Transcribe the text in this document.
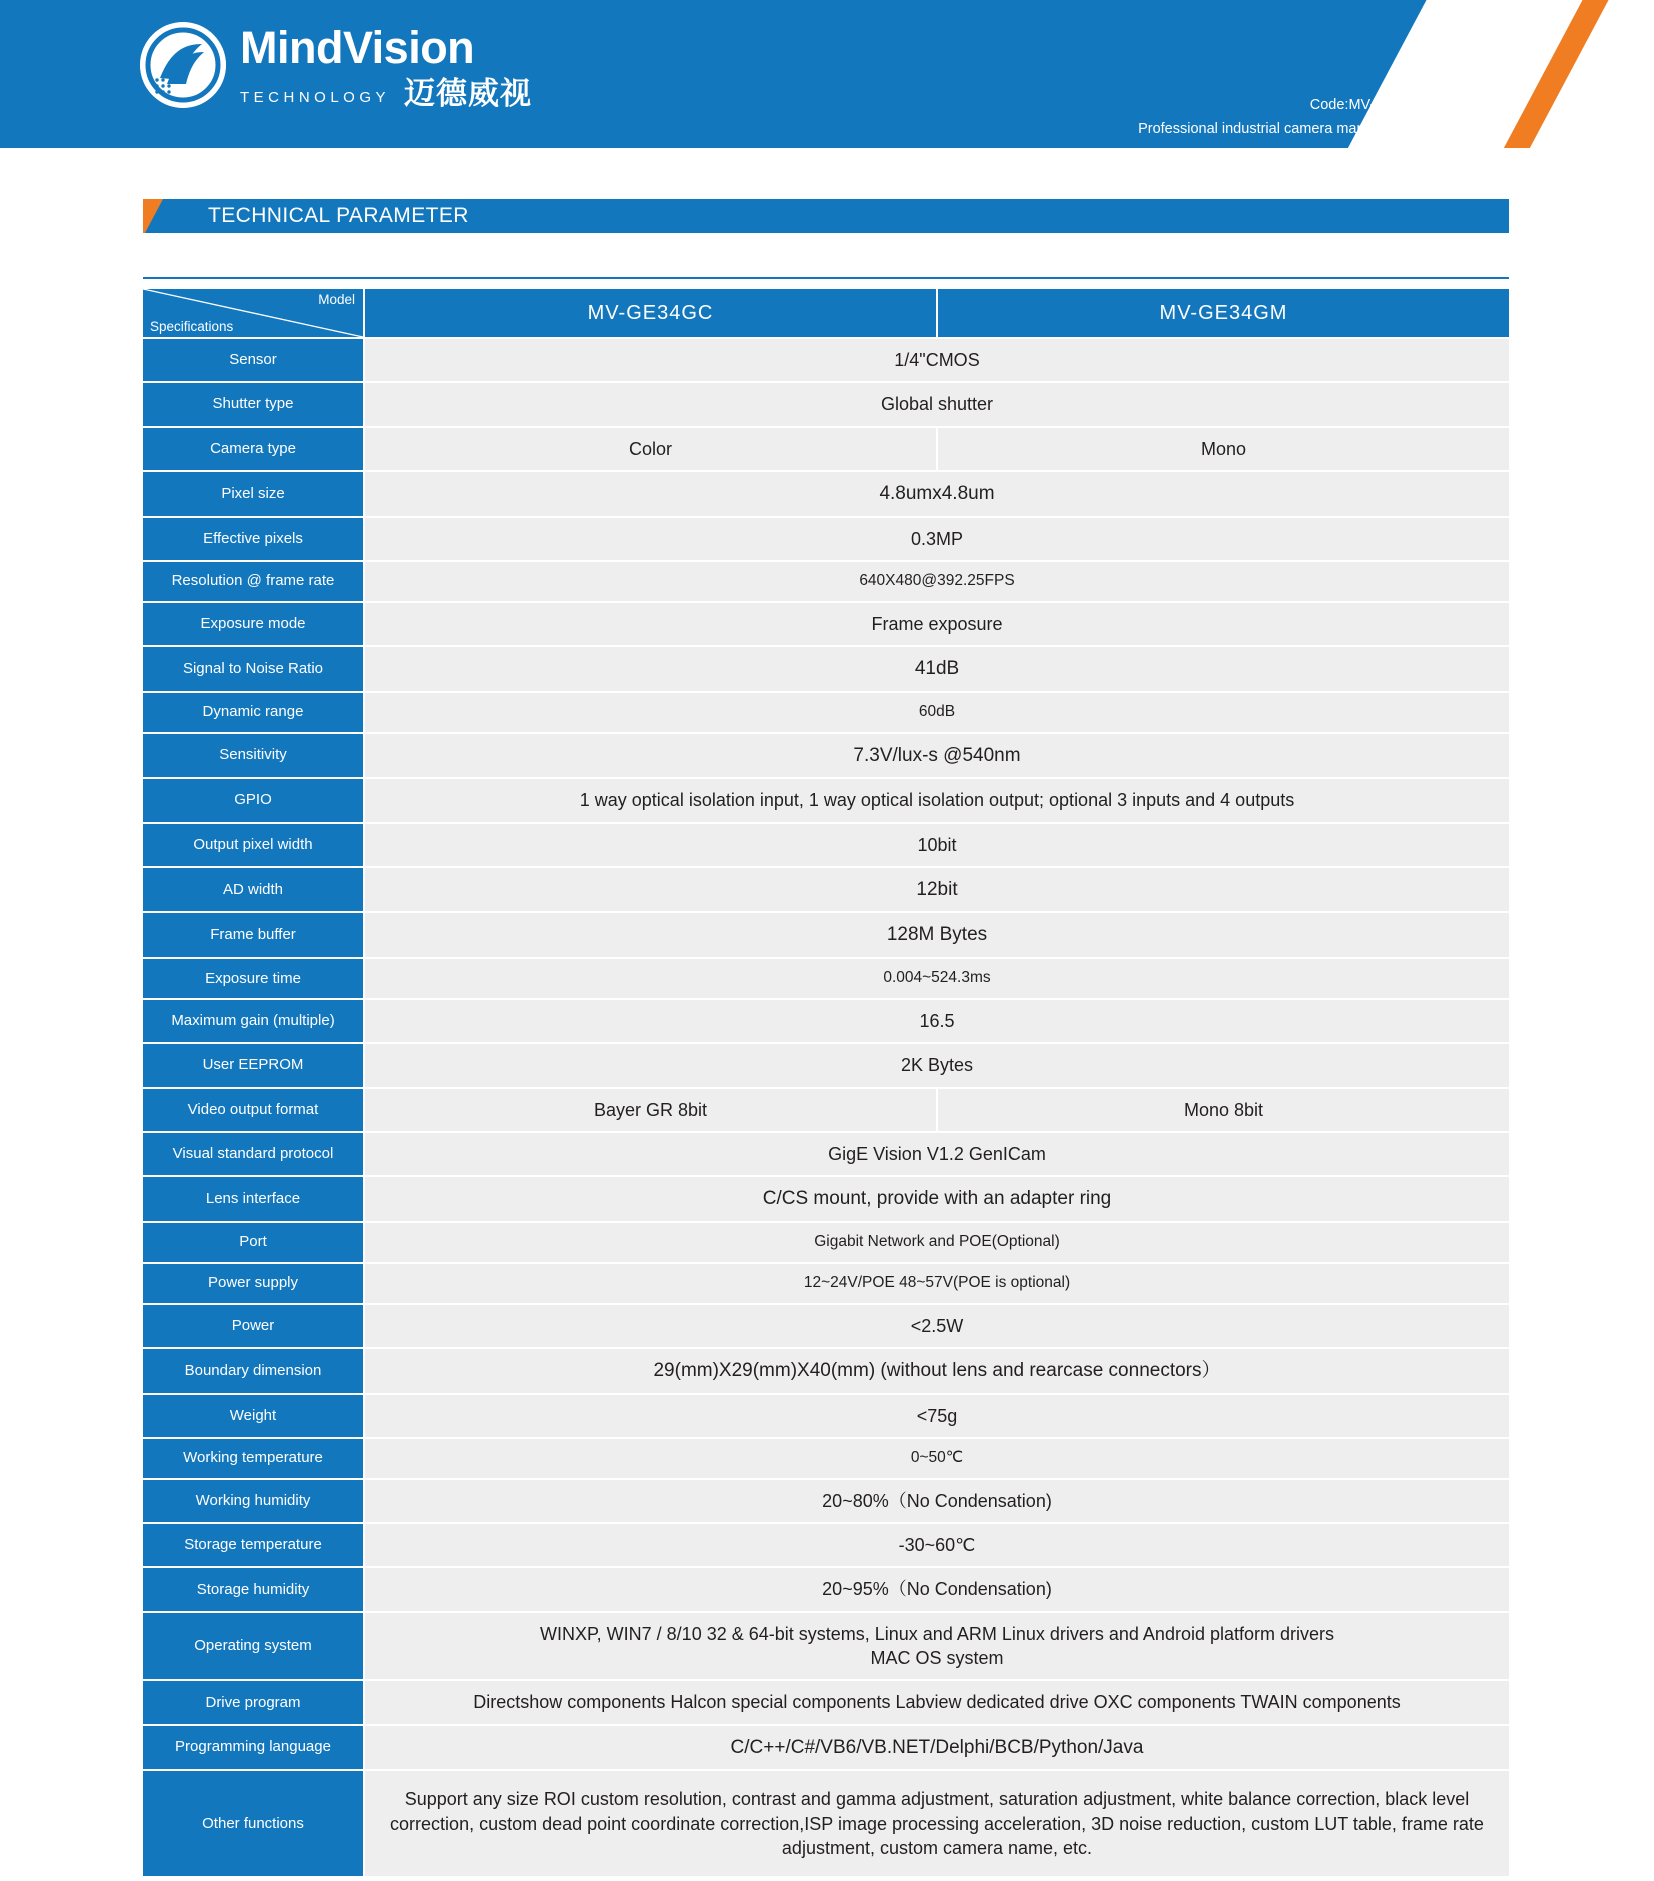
MindVision
TECHNOLOGY 迈德威视	Edition:A0
Code:MV-QR-CP-19-0023
Professional industrial camera manufacturer in China
TECHNICAL PARAMETER
Model
Specifications	MV-GE34GC	MV-GE34GM
Sensor	1/4"CMOS	
Shutter type	Global shutter	
Camera type	Color	Mono
Pixel size	4.8umx4.8um	
Effective pixels	0.3MP	
Resolution @ frame rate	640X480@392.25FPS	
Exposure mode	Frame exposure	
Signal to Noise Ratio	41dB	
Dynamic range	60dB	
Sensitivity	7.3V/lux-s @540nm	
GPIO	1 way optical isolation input, 1 way optical isolation output; optional 3 inputs and 4 outputs	
Output pixel width	10bit	
AD width	12bit	
Frame buffer	128M Bytes	
Exposure time	0.004~524.3ms	
Maximum gain (multiple)	16.5	
User EEPROM	2K Bytes	
Video output format	Bayer GR 8bit	Mono 8bit
Visual standard protocol	GigE Vision V1.2 GenICam	
Lens interface	C/CS mount, provide with an adapter ring	
Port	Gigabit Network and POE(Optional)	
Power supply	12~24V/POE 48~57V(POE is optional)	
Power	<2.5W	
Boundary dimension	29(mm)X29(mm)X40(mm) (without lens and rearcase connectors）	
Weight	<75g	
Working temperature	0~50℃	
Working humidity	20~80%（No Condensation)	
Storage temperature	-30~60℃	
Storage humidity	20~95%（No Condensation)	
Operating system	WINXP, WIN7 / 8/10 32 & 64-bit systems, Linux and ARM Linux drivers and Android platform drivers
MAC OS system	
Drive program	Directshow components Halcon special components Labview dedicated drive OXC components TWAIN components	
Programming language	C/C++/C#/VB6/VB.NET/Delphi/BCB/Python/Java	
Other functions	Support any size ROI custom resolution, contrast and gamma adjustment, saturation adjustment, white balance correction, black level correction, custom dead point coordinate correction,ISP image processing acceleration, 3D noise reduction, custom LUT table, frame rate adjustment, custom camera name, etc.	
